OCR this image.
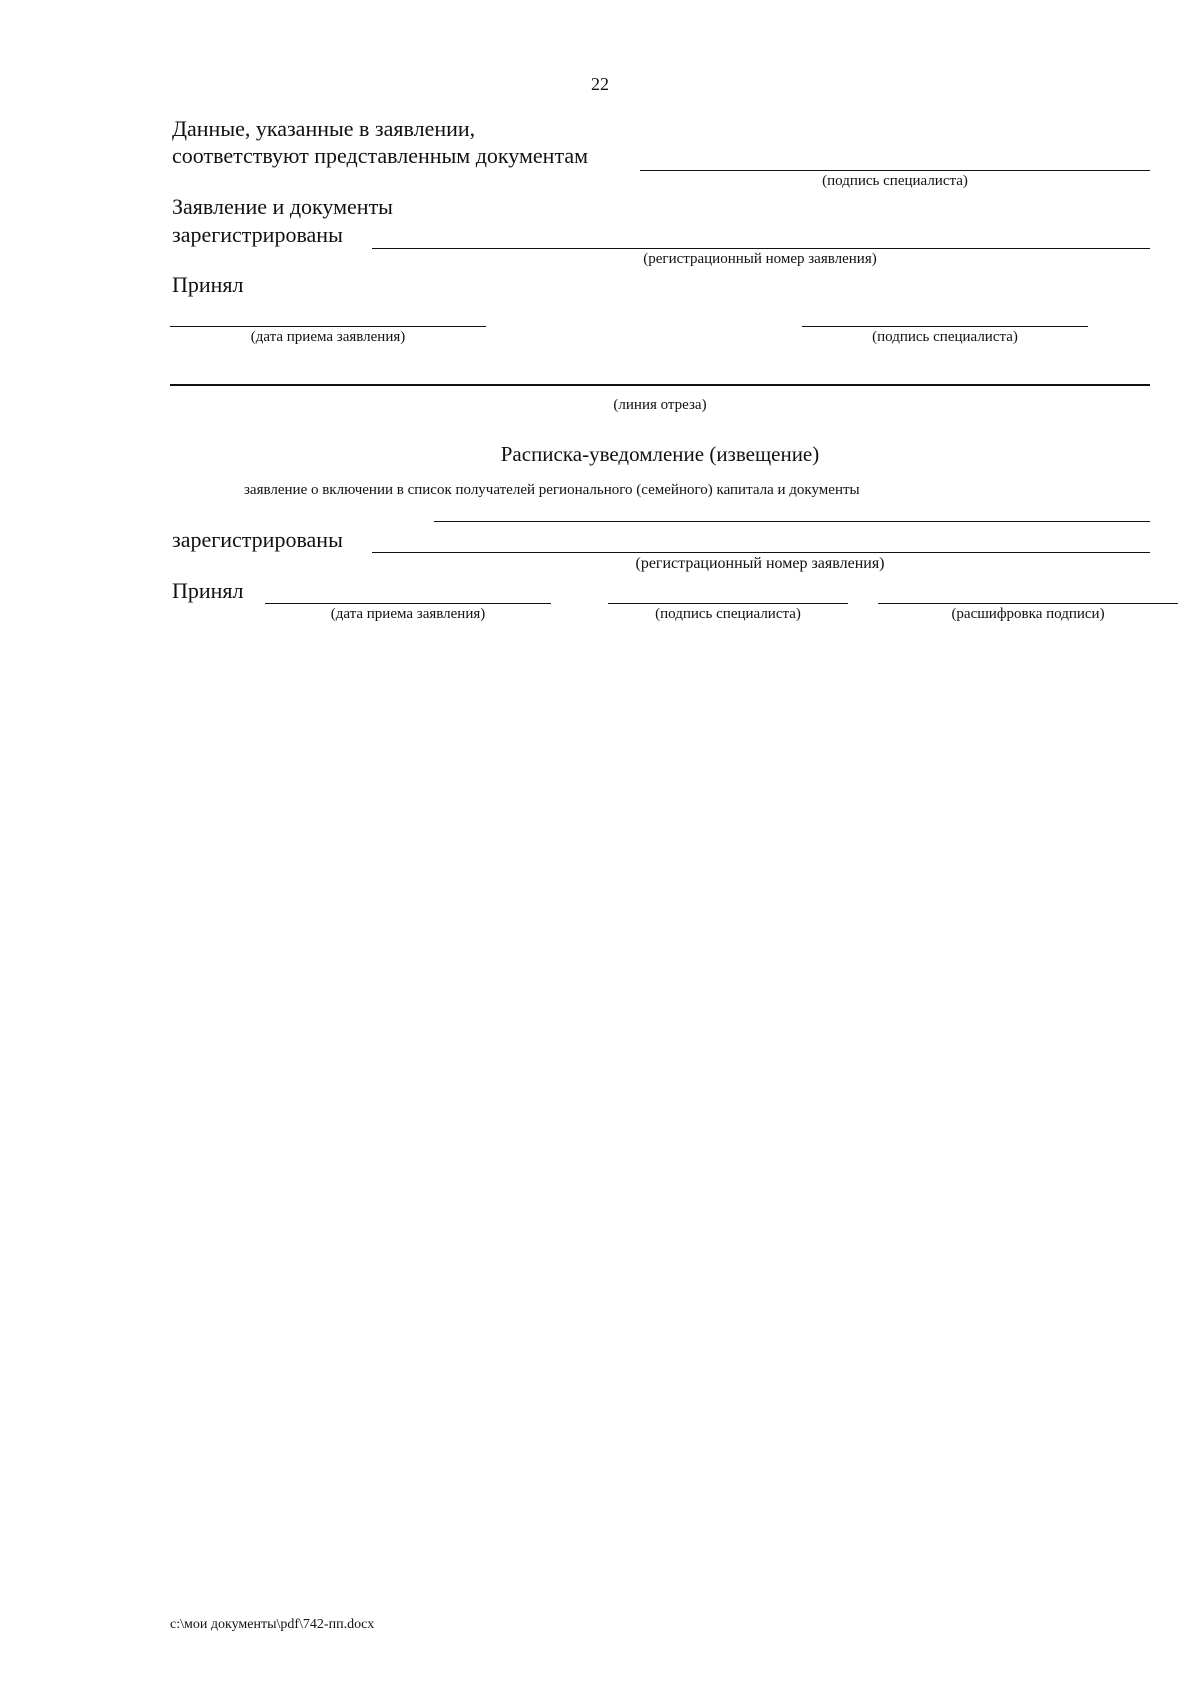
22
Данные, указанные в заявлении,
соответствуют представленным документам
(подпись специалиста)
Заявление и документы
зарегистрированы
(регистрационный номер заявления)
Принял
(дата приема заявления)	(подпись специалиста)
(линия отреза)
Расписка-уведомление (извещение)
заявление о включении в список получателей регионального (семейного) капитала и документы
зарегистрированы
(регистрационный номер заявления)
Принял
(дата приема заявления)	(подпись специалиста)	(расшифровка подписи)
c:\мои документы\pdf\742-пп.docx
